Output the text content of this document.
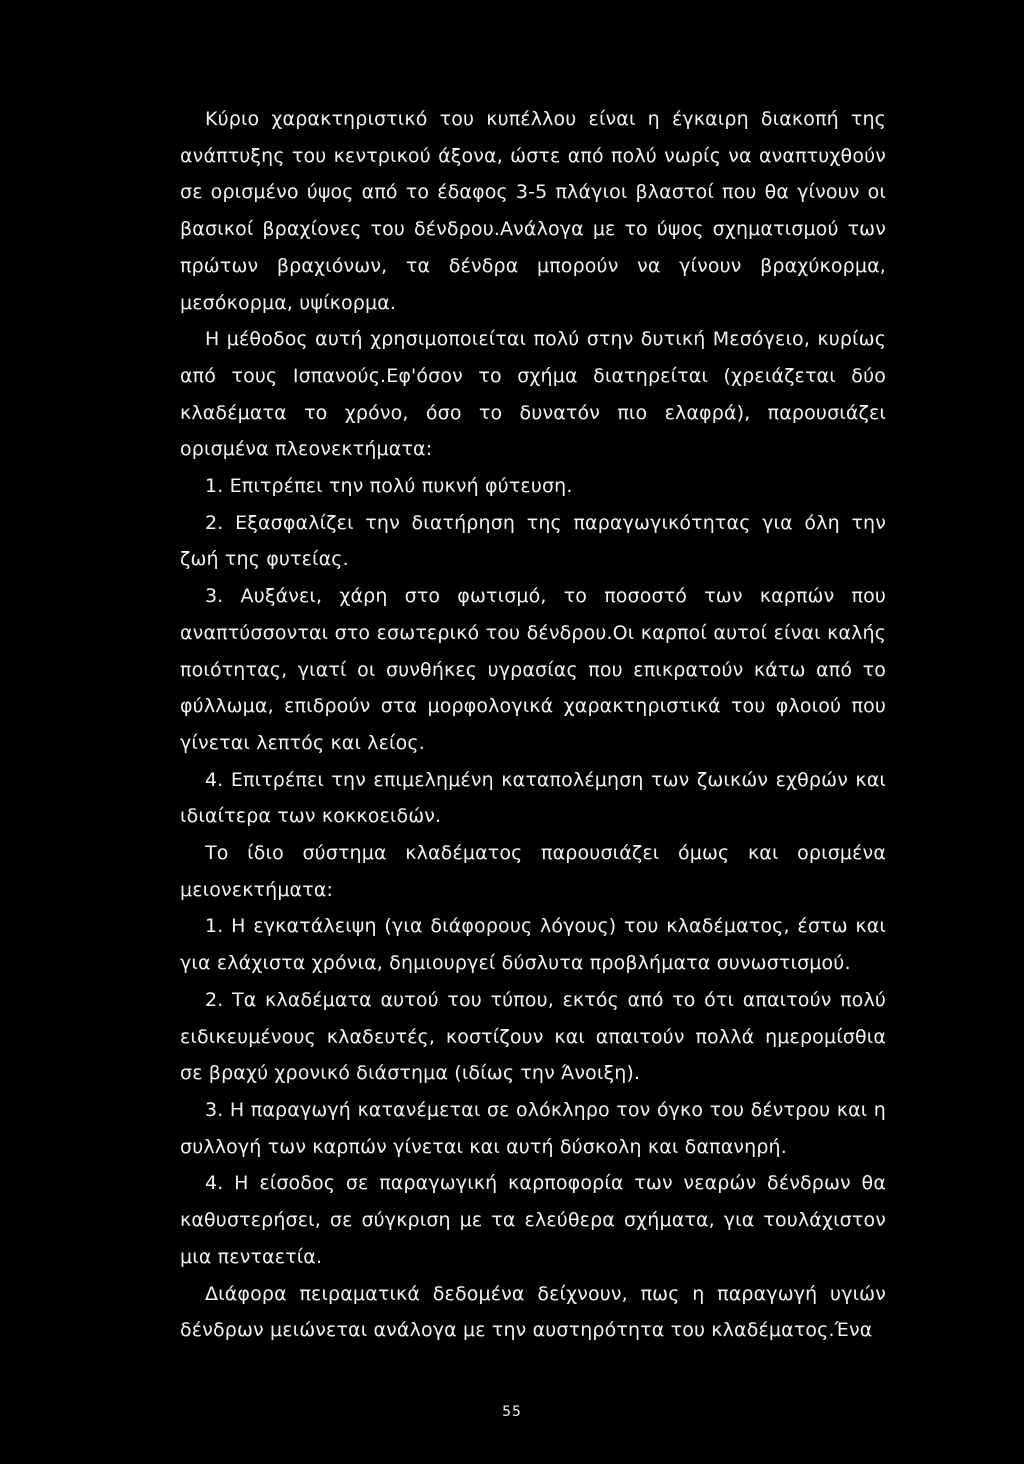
Κύριο χαρακτηριστικό του κυπέλλου είναι η έγκαιρη διακοπή της ανάπτυξης του κεντρικού άξονα, ώστε από πολύ νωρίς να αναπτυχθούν σε ορισμένο ύψος από το έδαφος 3-5 πλάγιοι βλαστοί που θα γίνουν οι βασικοί βραχίονες του δένδρου.Ανάλογα με το ύψος σχηματισμού των πρώτων βραχιόνων, τα δένδρα μπορούν να γίνουν βραχύκορμα, μεσόκορμα, υψίκορμα.

Η μέθοδος αυτή χρησιμοποιείται πολύ στην δυτική Μεσόγειο, κυρίως από τους Ισπανούς.Εφ'όσον το σχήμα διατηρείται (χρειάζεται δύο κλαδέματα το χρόνο, όσο το δυνατόν πιο ελαφρά), παρουσιάζει ορισμένα πλεονεκτήματα:

1. Επιτρέπει την πολύ πυκνή φύτευση.

2. Εξασφαλίζει την διατήρηση της παραγωγικότητας για όλη την ζωή της φυτείας.

3. Αυξάνει, χάρη στο φωτισμό, το ποσοστό των καρπών που αναπτύσσονται στο εσωτερικό του δένδρου.Οι καρποί αυτοί είναι καλής ποιότητας, γιατί οι συνθήκες υγρασίας που επικρατούν κάτω από το φύλλωμα, επιδρούν στα μορφολογικά χαρακτηριστικά του φλοιού που γίνεται λεπτός και λείος.

4. Επιτρέπει την επιμελημένη καταπολέμηση των ζωικών εχθρών και ιδιαίτερα των κοκκοειδών.

Το ίδιο σύστημα κλαδέματος παρουσιάζει όμως και ορισμένα μειονεκτήματα:

1. Η εγκατάλειψη (για διάφορους λόγους) του κλαδέματος, έστω και για ελάχιστα χρόνια, δημιουργεί δύσλυτα προβλήματα συνωστισμού.

2. Τα κλαδέματα αυτού του τύπου, εκτός από το ότι απαιτούν πολύ ειδικευμένους κλαδευτές, κοστίζουν και απαιτούν πολλά ημερομίσθια σε βραχύ χρονικό διάστημα (ιδίως την Άνοιξη).

3. Η παραγωγή κατανέμεται σε ολόκληρο τον όγκο του δέντρου και η συλλογή των καρπών γίνεται και αυτή δύσκολη και δαπανηρή.

4. Η είσοδος σε παραγωγική καρποφορία των νεαρών δένδρων θα καθυστερήσει, σε σύγκριση με τα ελεύθερα σχήματα, για τουλάχιστον μια πενταετία.

Διάφορα πειραματικά δεδομένα δείχνουν, πως η παραγωγή υγιών δένδρων μειώνεται ανάλογα με την αυστηρότητα του κλαδέματος.Ένα

55
